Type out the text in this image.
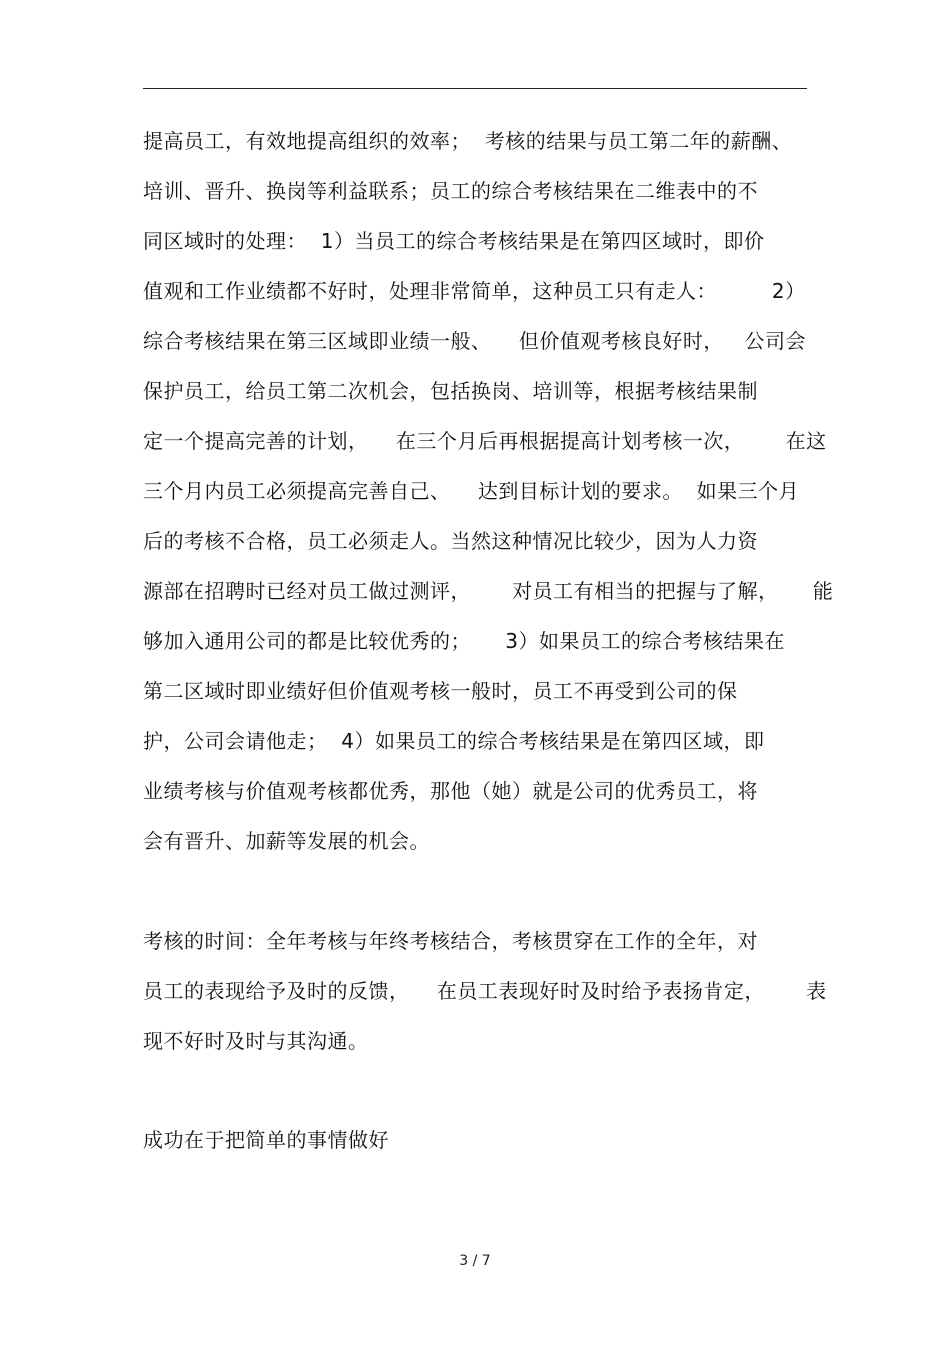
提高员工，有效地提高组织的效率；  考核的结果与员工第二年的薪酬、
培训、晋升、换岗等利益联系；员工的综合考核结果在二维表中的不
同区域时的处理：  1）当员工的综合考核结果是在第四区域时，即价
值观和工作业绩都不好时，处理非常简单，这种员工只有走人：        2）
综合考核结果在第三区域即业绩一般、    但价值观考核良好时，   公司会
保护员工，给员工第二次机会，包括换岗、培训等，根据考核结果制
定一个提高完善的计划，    在三个月后再根据提高计划考核一次，      在这
三个月内员工必须提高完善自己、    达到目标计划的要求。  如果三个月
后的考核不合格，员工必须走人。当然这种情况比较少，因为人力资
源部在招聘时已经对员工做过测评，      对员工有相当的把握与了解，     能
够加入通用公司的都是比较优秀的；     3）如果员工的综合考核结果在
第二区域时即业绩好但价值观考核一般时，员工不再受到公司的保
护，公司会请他走；  4）如果员工的综合考核结果是在第四区域，即
业绩考核与价值观考核都优秀，那他（她）就是公司的优秀员工，将
会有晋升、加薪等发展的机会。
考核的时间：全年考核与年终考核结合，考核贯穿在工作的全年，对
员工的表现给予及时的反馈，    在员工表现好时及时给予表扬肯定，      表
现不好时及时与其沟通。
成功在于把简单的事情做好
3 / 7
